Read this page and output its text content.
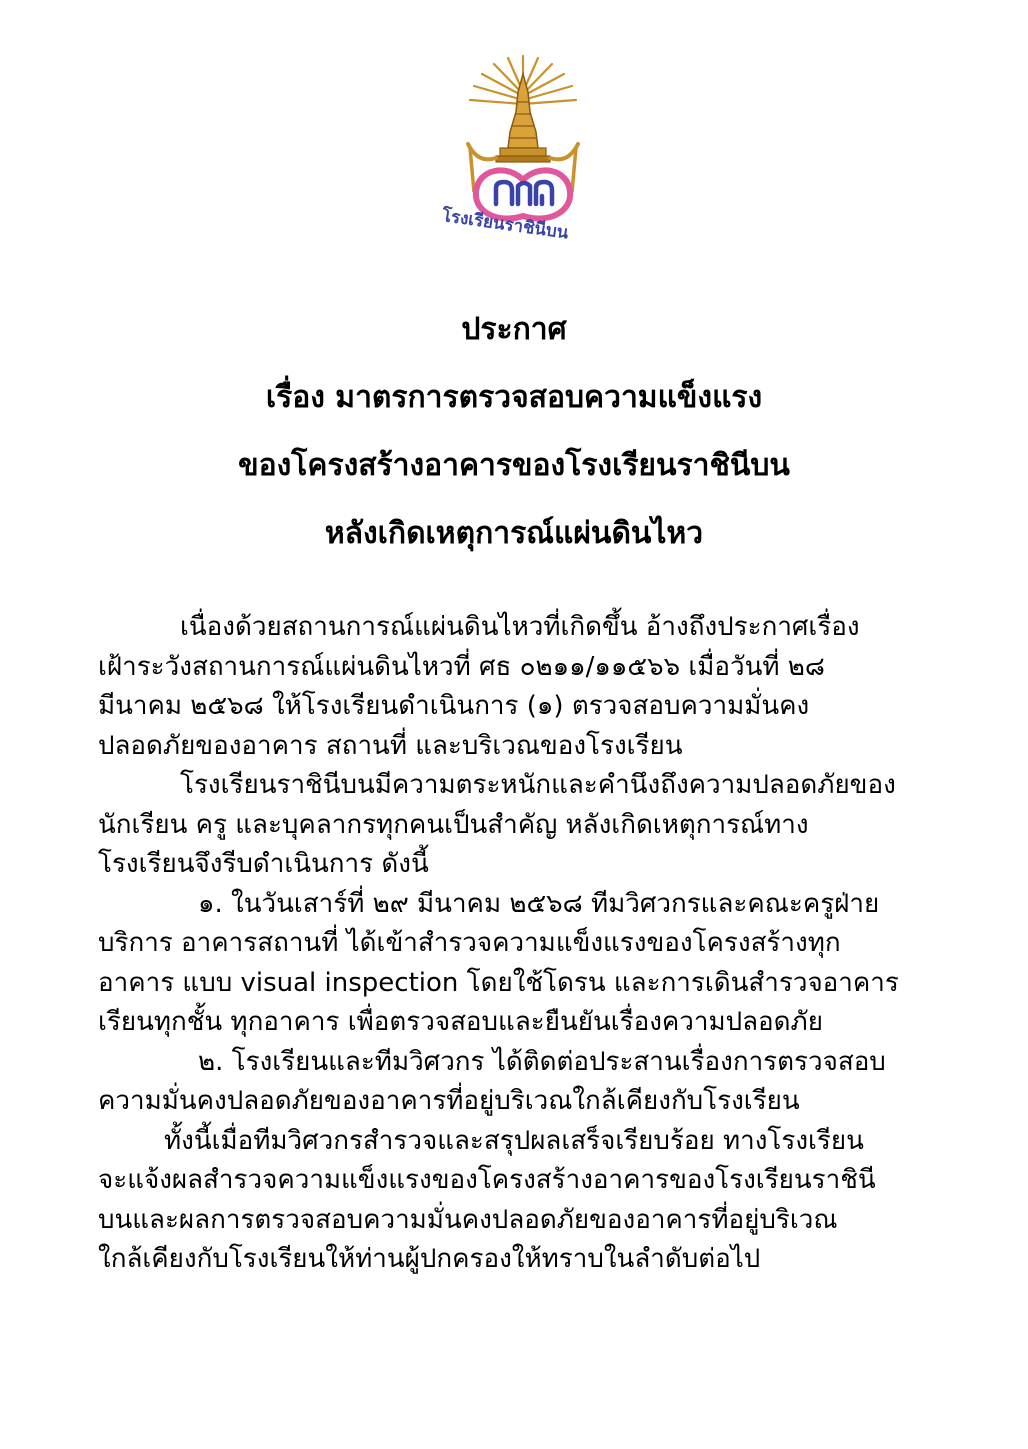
โรงเรียนราชินีบน
ประกาศ
เรื่อง มาตรการตรวจสอบความแข็งแรง
ของโครงสร้างอาคารของโรงเรียนราชินีบน
หลังเกิดเหตุการณ์แผ่นดินไหว
เนื่องด้วยสถานการณ์แผ่นดินไหวที่เกิดขึ้น อ้างถึงประกาศเรื่อง
เฝ้าระวังสถานการณ์แผ่นดินไหวที่ ศธ ๐๒๑๑/๑๑๕๖๖ เมื่อวันที่ ๒๘
มีนาคม ๒๕๖๘ ให้โรงเรียนดำเนินการ (๑) ตรวจสอบความมั่นคง
ปลอดภัยของอาคาร สถานที่ และบริเวณของโรงเรียน
โรงเรียนราชินีบนมีความตระหนักและคำนึงถึงความปลอดภัยของ
นักเรียน ครู และบุคลากรทุกคนเป็นสำคัญ หลังเกิดเหตุการณ์ทาง
โรงเรียนจึงรีบดำเนินการ ดังนี้
๑. ในวันเสาร์ที่ ๒๙ มีนาคม ๒๕๖๘ ทีมวิศวกรและคณะครูฝ่าย
บริการ อาคารสถานที่ ได้เข้าสำรวจความแข็งแรงของโครงสร้างทุก
อาคาร แบบ visual inspection โดยใช้โดรน และการเดินสำรวจอาคาร
เรียนทุกชั้น ทุกอาคาร เพื่อตรวจสอบและยืนยันเรื่องความปลอดภัย
๒. โรงเรียนและทีมวิศวกร ได้ติดต่อประสานเรื่องการตรวจสอบ
ความมั่นคงปลอดภัยของอาคารที่อยู่บริเวณใกล้เคียงกับโรงเรียน
ทั้งนี้เมื่อทีมวิศวกรสำรวจและสรุปผลเสร็จเรียบร้อย ทางโรงเรียน
จะแจ้งผลสำรวจความแข็งแรงของโครงสร้างอาคารของโรงเรียนราชินี
บนและผลการตรวจสอบความมั่นคงปลอดภัยของอาคารที่อยู่บริเวณ
ใกล้เคียงกับโรงเรียนให้ท่านผู้ปกครองให้ทราบในลำดับต่อไป
